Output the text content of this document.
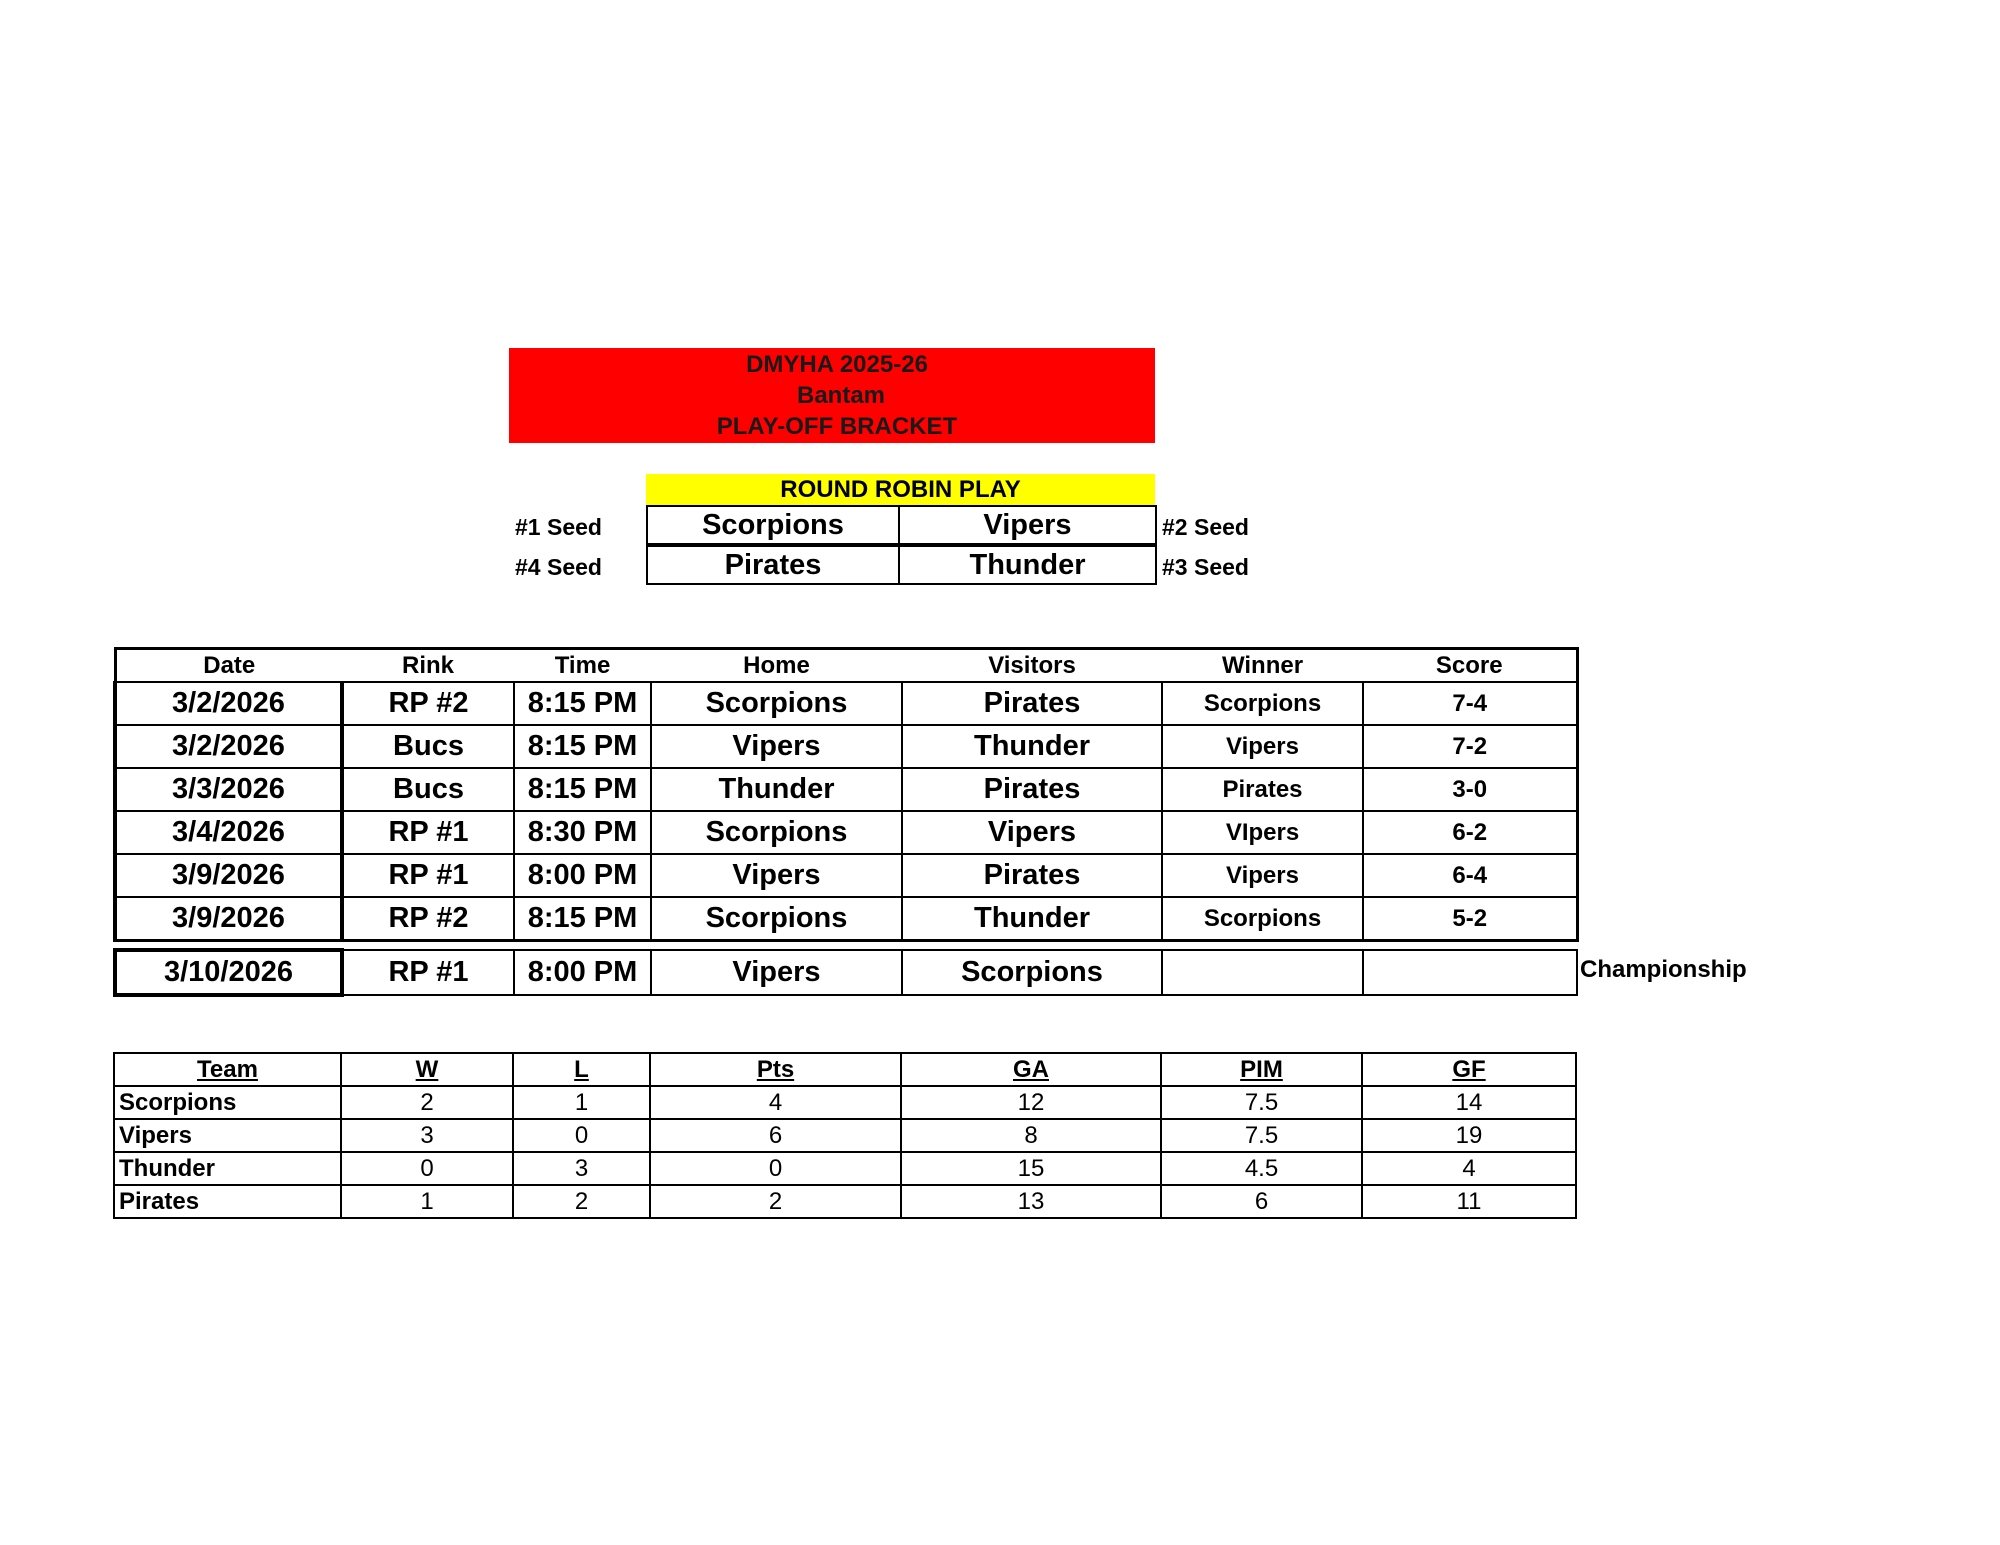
DMYHA 2025-26
Bantam
PLAY-OFF BRACKET
ROUND ROBIN PLAY
#1 Seed	Scorpions	Vipers	#2 Seed
#4 Seed	Pirates	Thunder	#3 Seed
Date	Rink	Time	Home	Visitors	Winner	Score
3/2/2026	RP #2	8:15 PM	Scorpions	Pirates	Scorpions	7-4
3/2/2026	Bucs	8:15 PM	Vipers	Thunder	Vipers	7-2
3/3/2026	Bucs	8:15 PM	Thunder	Pirates	Pirates	3-0
3/4/2026	RP #1	8:30 PM	Scorpions	Vipers	VIpers	6-2
3/9/2026	RP #1	8:00 PM	Vipers	Pirates	Vipers	6-4
3/9/2026	RP #2	8:15 PM	Scorpions	Thunder	Scorpions	5-2
3/10/2026	RP #1	8:00 PM	Vipers	Scorpions			Championship
Team	W	L	Pts	GA	PIM	GF
Scorpions	2	1	4	12	7.5	14
Vipers	3	0	6	8	7.5	19
Thunder	0	3	0	15	4.5	4
Pirates	1	2	2	13	6	11
